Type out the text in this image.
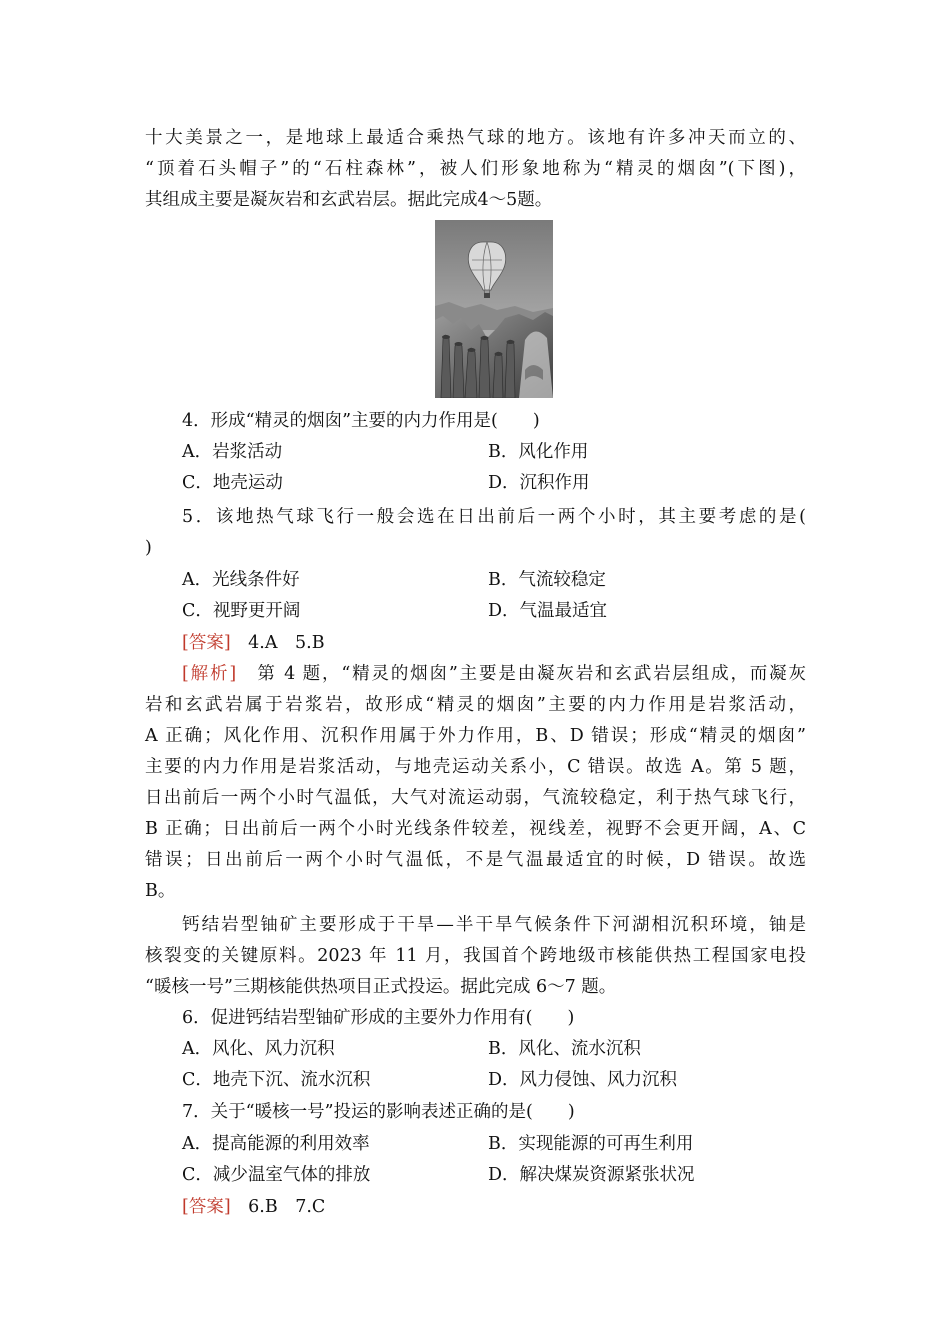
十大美景之一，是地球上最适合乘热气球的地方。该地有许多冲天而立的、
“顶着石头帽子”的“石柱森林”，被人们形象地称为“精灵的烟囱”(下图)，
其组成主要是凝灰岩和玄武岩层。据此完成4～5题。
4．形成“精灵的烟囱”主要的内力作用是(　　)
A．岩浆活动	B．风化作用
C．地壳运动	D．沉积作用
5．该地热气球飞行一般会选在日出前后一两个小时，其主要考虑的是(
)
A．光线条件好	B．气流较稳定
C．视野更开阔	D．气温最适宜
[答案]　 4.A　5.B
[解析]　 第 4 题，“精灵的烟囱”主要是由凝灰岩和玄武岩层组成，而凝灰
岩和玄武岩属于岩浆岩，故形成“精灵的烟囱”主要的内力作用是岩浆活动，
A 正确；风化作用、沉积作用属于外力作用，B、D 错误；形成“精灵的烟囱”
主要的内力作用是岩浆活动，与地壳运动关系小，C 错误。故选 A。第 5 题，
日出前后一两个小时气温低，大气对流运动弱，气流较稳定，利于热气球飞行，
B 正确；日出前后一两个小时光线条件较差，视线差，视野不会更开阔，A、C
错误；日出前后一两个小时气温低，不是气温最适宜的时候，D 错误。故选
B。
钙结岩型铀矿主要形成于干旱—半干旱气候条件下河湖相沉积环境，铀是
核裂变的关键原料。2023 年 11 月，我国首个跨地级市核能供热工程国家电投
“暖核一号”三期核能供热项目正式投运。据此完成 6～7 题。
6．促进钙结岩型铀矿形成的主要外力作用有(　　)
A．风化、风力沉积	B．风化、流水沉积
C．地壳下沉、流水沉积	D．风力侵蚀、风力沉积
7．关于“暖核一号”投运的影响表述正确的是(　　)
A．提高能源的利用效率	B．实现能源的可再生利用
C．减少温室气体的排放	D．解决煤炭资源紧张状况
[答案]　 6.B　7.C
